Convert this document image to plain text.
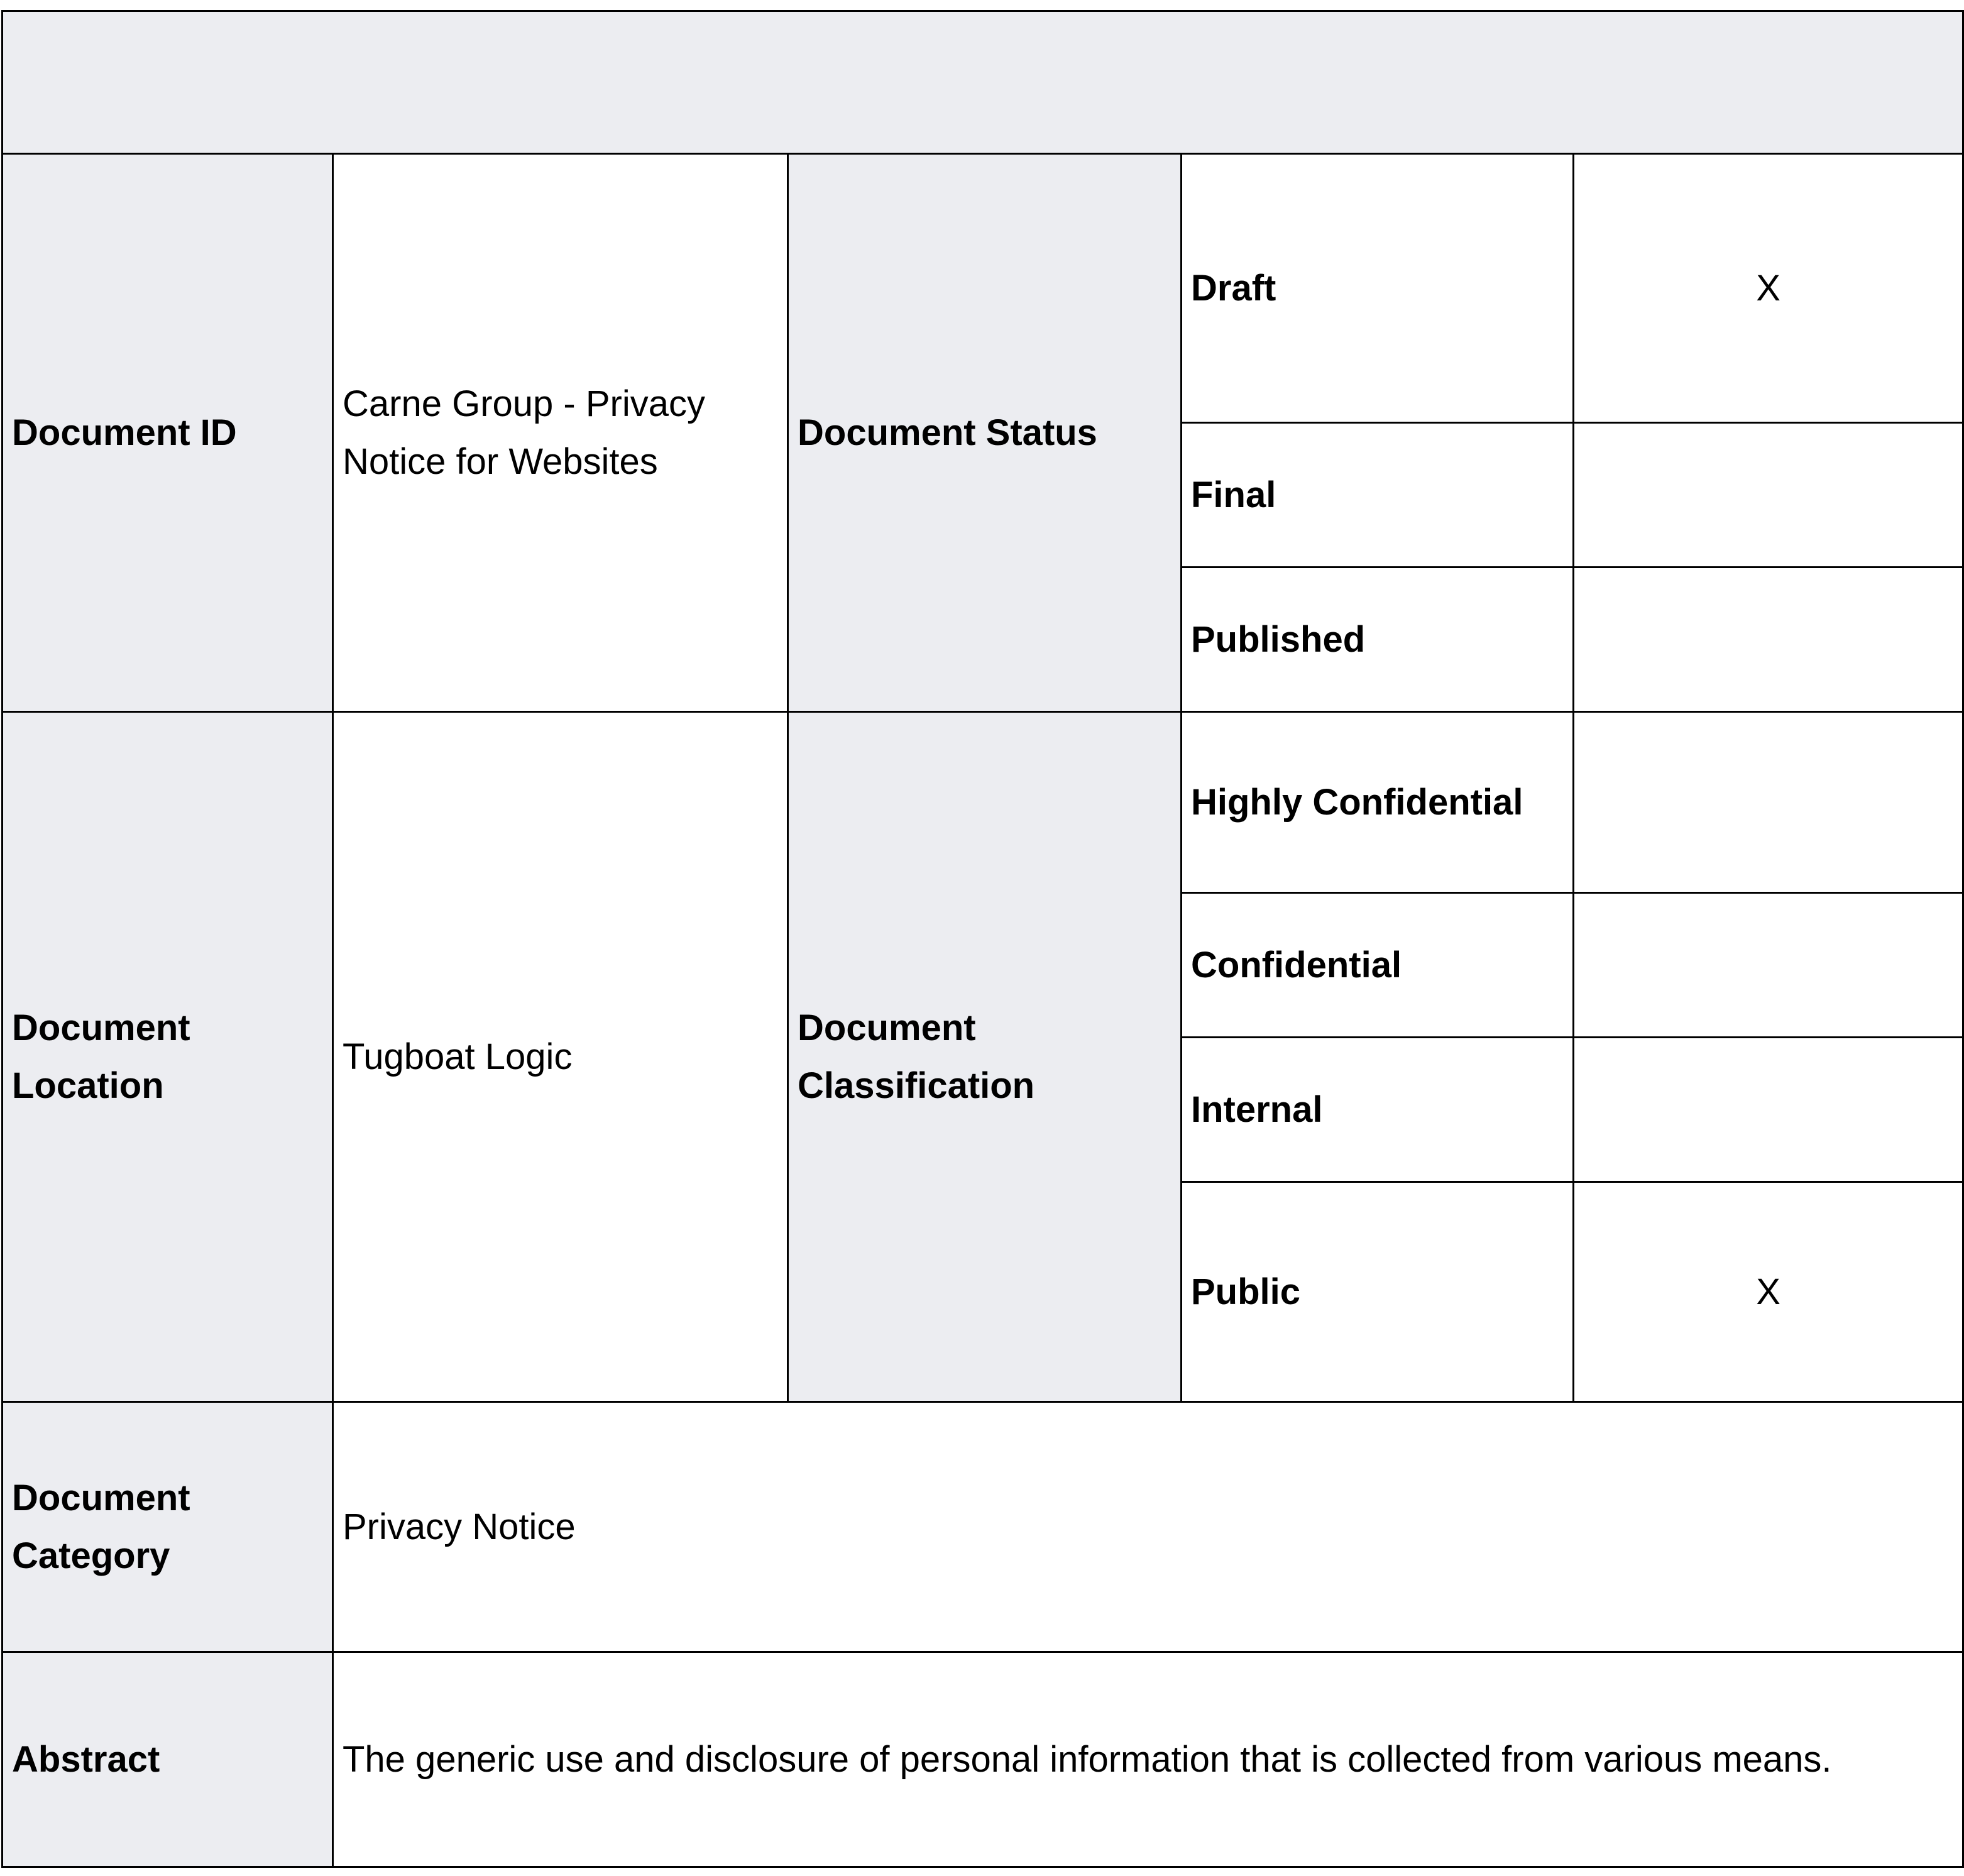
Document ID	Carne Group - Privacy Notice for Websites	Document Status	Draft	X
			Final	
			Published	
Document Location	Tugboat Logic	Document Classification	Highly Confidential	
			Confidential	
			Internal	
			Public	X
Document Category	Privacy Notice			
Abstract	The generic use and disclosure of personal information that is collected from various means.			
